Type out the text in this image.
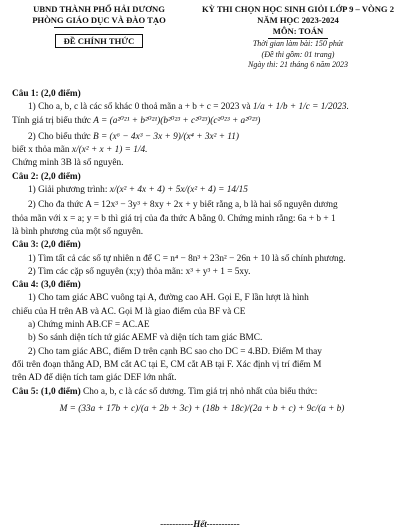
UBND THÀNH PHỐ HẢI DƯƠNG
PHÒNG GIÁO DỤC VÀ ĐÀO TẠO
ĐỀ CHÍNH THỨC
KỲ THI CHỌN HỌC SINH GIỎI LỚP 9 – VÒNG 2
NĂM HỌC 2023-2024
MÔN: TOÁN
Thời gian làm bài: 150 phút
(Đề thi gồm: 01 trang)
Ngày thi: 21 tháng 6 năm 2023
Câu 1: (2,0 điểm)
1) Cho a, b, c là các số khác 0 thoả mãn a + b + c = 2023 và 1/a + 1/b + 1/c = 1/2023.
Tính giá trị biểu thức A = (a²⁰²¹ + b²⁰²¹)(b²⁰²³ + c²⁰²³)(c²⁰²³ + a²⁰²³)
2) Cho biểu thức B = (x⁶ − 4x³ − 3x + 9)/(x⁴ + 3x² + 11)
biết x thỏa mãn x/(x² + x + 1) = 1/4.
Chứng minh 3B là số nguyên.
Câu 2: (2,0 điểm)
1) Giải phương trình: x/(x² + 4x + 4) + 5x/(x² + 4) = 14/15
2) Cho đa thức A = 12x³ − 3y³ + 8xy + 2x + y biết rằng a, b là hai số nguyên dương
thỏa mãn với x = a; y = b thì giá trị của đa thức A bằng 0. Chứng minh rằng: 6a + b + 1
là bình phương của một số nguyên.
Câu 3: (2,0 điểm)
1) Tìm tất cả các số tự nhiên n để C = n⁴ − 8n³ + 23n² − 26n + 10 là số chính phương.
2) Tìm các cặp số nguyên (x;y) thỏa mãn: x³ + y³ + 1 = 5xy.
Câu 4: (3,0 điểm)
1) Cho tam giác ABC vuông tại A, đường cao AH. Gọi E, F lần lượt là hình
chiếu của H trên AB và AC. Gọi M là giao điểm của BF và CE
a) Chứng minh AB.CF = AC.AE
b) So sánh diện tích tứ giác AEMF và diện tích tam giác BMC.
2) Cho tam giác ABC, điểm D trên cạnh BC sao cho DC = 4.BD. Điểm M thay
đổi trên đoạn thẳng AD, BM cắt AC tại E, CM cắt AB tại F. Xác định vị trí điểm M
trên AD để diện tích tam giác DEF lớn nhất.
Câu 5: (1,0 điểm) Cho a, b, c là các số dương. Tìm giá trị nhỏ nhất của biểu thức:
M = (33a + 17b + c)/(a + 2b + 3c) + (18b + 18c)/(2a + b + c) + 9c/(a + b)
-----------Hết-----------
